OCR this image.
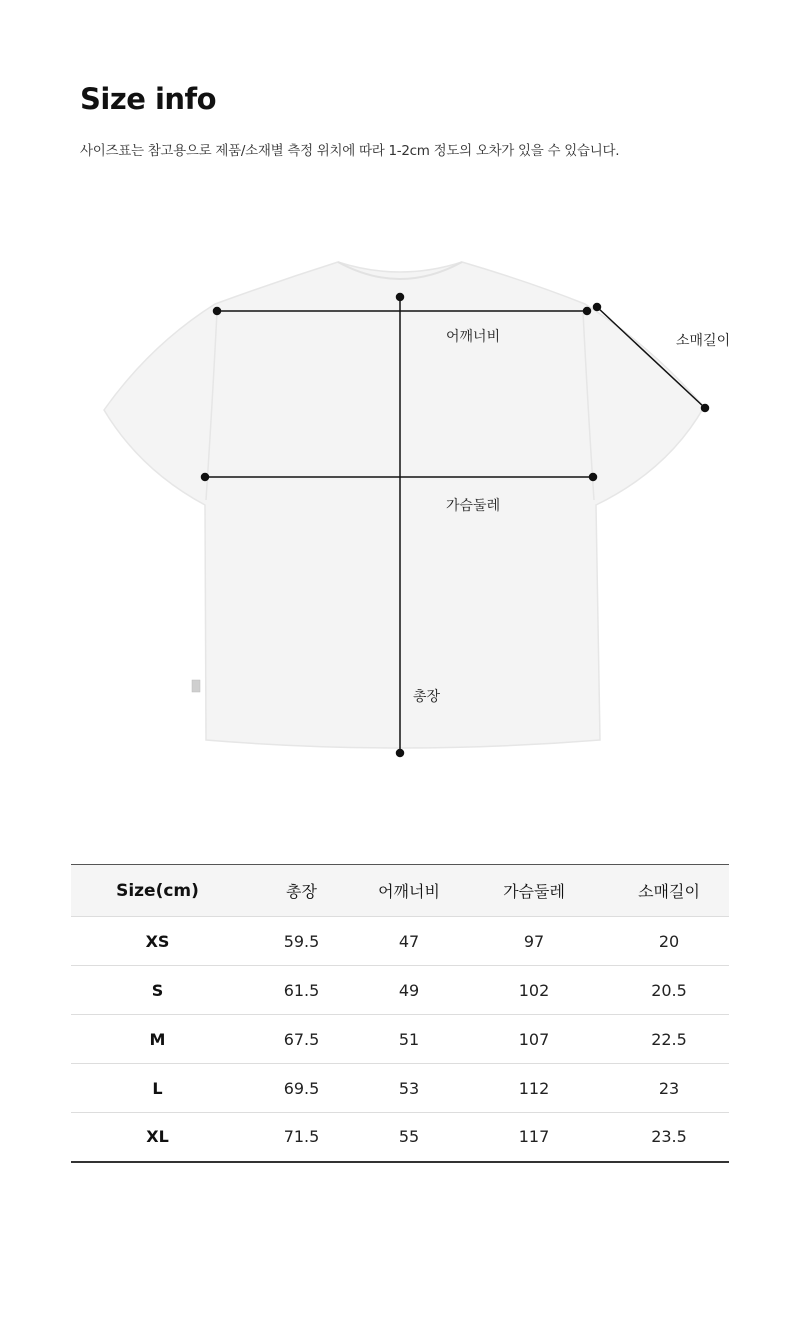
Size info

사이즈표는 참고용으로 제품/소재별 측정 위치에 따라 1-2cm 정도의 오차가 있을 수 있습니다.

어깨너비	소매길이
가슴둘레
총장
Size(cm)	총장	어깨너비	가슴둘레	소매길이
XS	59.5	47	97	20
S	61.5	49	102	20.5
M	67.5	51	107	22.5
L	69.5	53	112	23
XL	71.5	55	117	23.5
